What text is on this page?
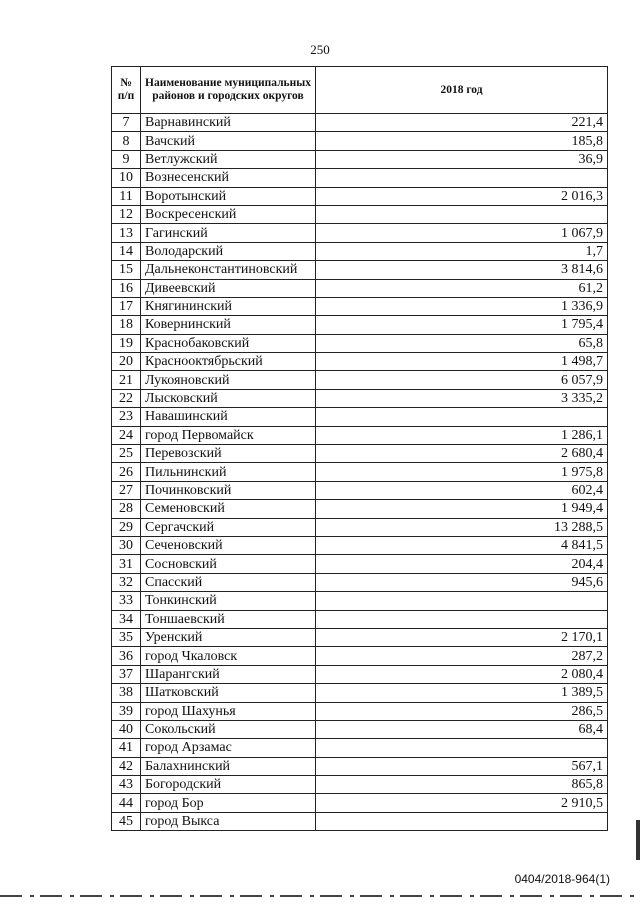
250
№ п/п	Наименование муниципальных районов и городских округов	2018 год
7	Варнавинский	221,4
8	Вачский	185,8
9	Ветлужский	36,9
10	Вознесенский	
11	Воротынский	2 016,3
12	Воскресенский	
13	Гагинский	1 067,9
14	Володарский	1,7
15	Дальнеконстантиновский	3 814,6
16	Дивеевский	61,2
17	Княгининский	1 336,9
18	Ковернинский	1 795,4
19	Краснобаковский	65,8
20	Краснооктябрьский	1 498,7
21	Лукояновский	6 057,9
22	Лысковский	3 335,2
23	Навашинский	
24	город Первомайск	1 286,1
25	Перевозский	2 680,4
26	Пильнинский	1 975,8
27	Починковский	602,4
28	Семеновский	1 949,4
29	Сергачский	13 288,5
30	Сеченовский	4 841,5
31	Сосновский	204,4
32	Спасский	945,6
33	Тонкинский	
34	Тоншаевский	
35	Уренский	2 170,1
36	город Чкаловск	287,2
37	Шарангский	2 080,4
38	Шатковский	1 389,5
39	город Шахунья	286,5
40	Сокольский	68,4
41	город Арзамас	
42	Балахнинский	567,1
43	Богородский	865,8
44	город Бор	2 910,5
45	город Выкса	
0404/2018-964(1)
